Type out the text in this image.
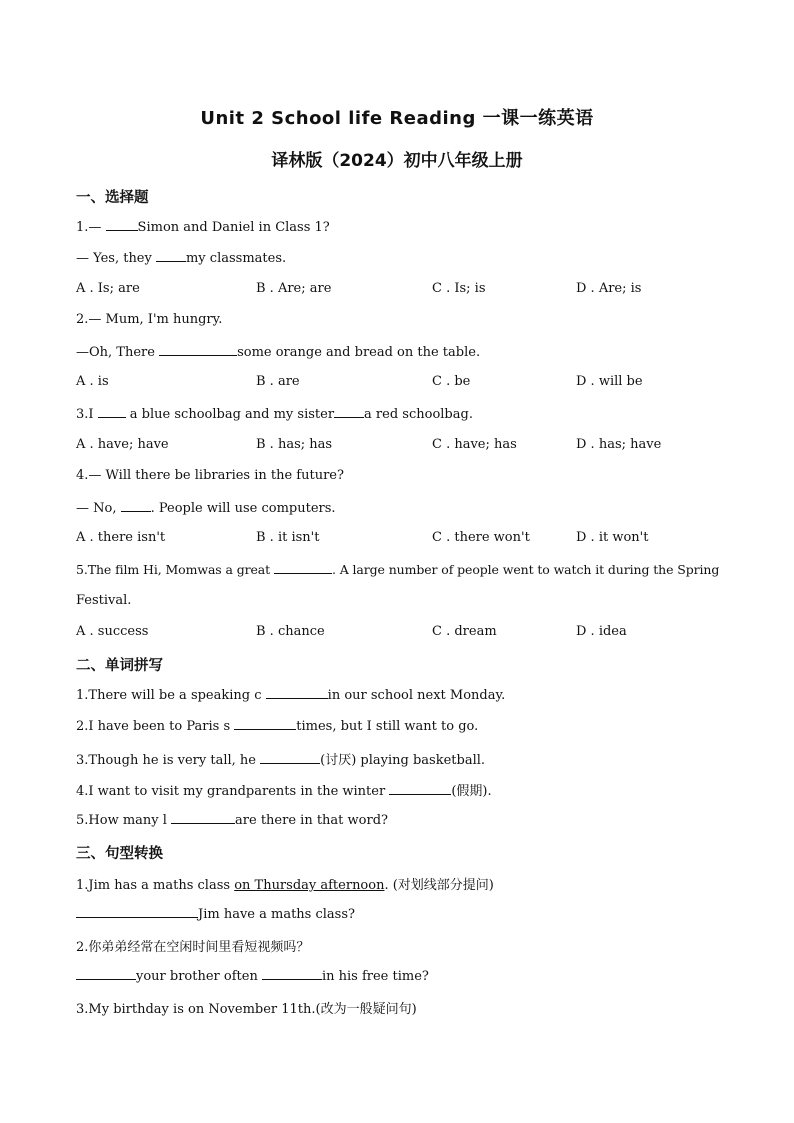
Unit 2 School life Reading 一课一练英语
译林版（2024）初中八年级上册
一、选择题
1.— Simon and Daniel in Class 1?
— Yes, they my classmates.
A . Is; are	B . Are; are	C . Is; is	D . Are; is
2.— Mum, I'm hungry.
—Oh, There	some orange and bread on the table.
A . is	B . are	C . be	D . will be
3.I  a blue schoolbag and my sister a red schoolbag.
A . have; have	B . has; has	C . have; has	D . has; have
4.— Will there be libraries in the future?
— No, . People will use computers.
A . there isn't	B . it isn't	C . there won't	D . it won't
5.The film Hi, Momwas a great	. A large number of people went to watch it during the Spring
Festival.
A . success	B . chance	C . dream	D . idea
二、单词拼写
1.There will be a speaking c	in our school next Monday.
2.I have been to Paris s	times, but I still want to go.
3.Though he is very tall, he	(讨厌) playing basketball.
4.I want to visit my grandparents in the winter	(假期).
5.How many l	are there in that word?
三、句型转换
1.Jim has a maths class on Thursday afternoon. (对划线部分提问)
Jim have a maths class?
2.你弟弟经常在空闲时间里看短视频吗？
your brother often	in his free time?
3.My birthday is on November 11th.(改为一般疑问句)
